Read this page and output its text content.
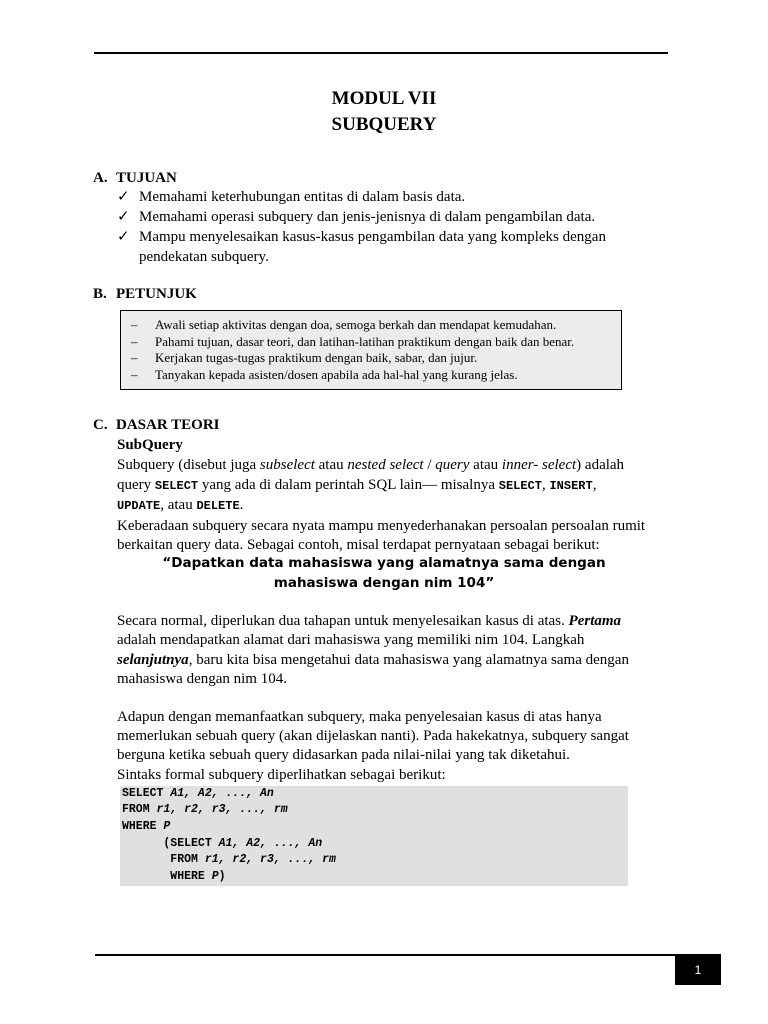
MODUL VII
SUBQUERY
A. TUJUAN
✓ Memahami keterhubungan entitas di dalam basis data.
✓ Memahami operasi subquery dan jenis-jenisnya di dalam pengambilan data.
✓ Mampu menyelesaikan kasus-kasus pengambilan data yang kompleks dengan pendekatan subquery.
B. PETUNJUK
– Awali setiap aktivitas dengan doa, semoga berkah dan mendapat kemudahan.
– Pahami tujuan, dasar teori, dan latihan-latihan praktikum dengan baik dan benar.
– Kerjakan tugas-tugas praktikum dengan baik, sabar, dan jujur.
– Tanyakan kepada asisten/dosen apabila ada hal-hal yang kurang jelas.
C. DASAR TEORI
SubQuery
Subquery (disebut juga subselect atau nested select / query atau inner- select) adalah
query SELECT yang ada di dalam perintah SQL lain— misalnya SELECT, INSERT,
UPDATE, atau DELETE.
Keberadaan subquery secara nyata mampu menyederhanakan persoalan persoalan rumit
berkaitan query data. Sebagai contoh, misal terdapat pernyataan sebagai berikut:
“Dapatkan data mahasiswa yang alamatnya sama dengan
mahasiswa dengan nim 104”
Secara normal, diperlukan dua tahapan untuk menyelesaikan kasus di atas. Pertama
adalah mendapatkan alamat dari mahasiswa yang memiliki nim 104. Langkah
selanjutnya, baru kita bisa mengetahui data mahasiswa yang alamatnya sama dengan
mahasiswa dengan nim 104.
Adapun dengan memanfaatkan subquery, maka penyelesaian kasus di atas hanya
memerlukan sebuah query (akan dijelaskan nanti). Pada hakekatnya, subquery sangat
berguna ketika sebuah query didasarkan pada nilai-nilai yang tak diketahui.
Sintaks formal subquery diperlihatkan sebagai berikut:
SELECT A1, A2, ..., An
FROM r1, r2, r3, ..., rm
WHERE P
(SELECT A1, A2, ..., An
FROM r1, r2, r3, ..., rm
WHERE P)
1
